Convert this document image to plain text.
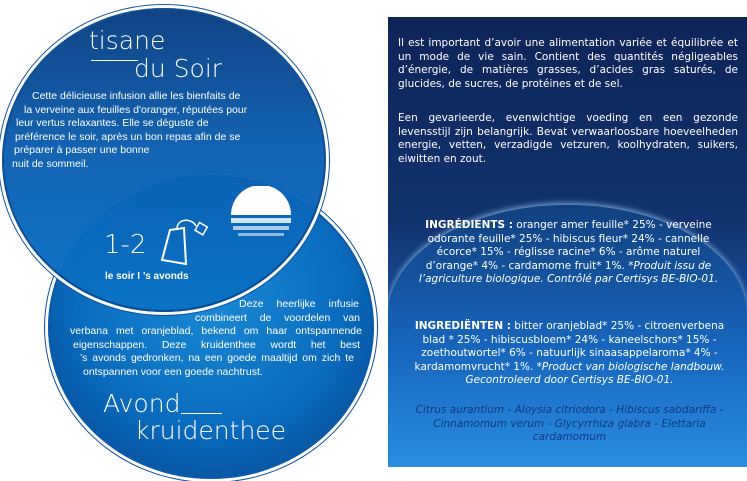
tisane
du Soir
Cette délicieuse infusion allie les bienfaits de
la verveine aux feuilles d'oranger, réputées pour
leur vertus relaxantes. Elle se déguste de
préférence le soir, après un bon repas afin de se
préparer à passer une bonne
nuit de sommeil.
1-2
le soir I ’s avonds
Deze heerlijke infusie
combineert de voordelen van
verbana met oranjeblad, bekend om haar ontspannende
eigenschappen. Deze kruidenthee wordt het best
’s avonds gedronken, na een goede maaltijd om zich te
ontspannen voor een goede nachtrust.
Avond
kruidenthee
Il est important d’avoir une alimentation variée et équilibrée et un mode de vie sain. Contient des quantités négligeables d’énergie, de matières grasses, d’acides gras saturés, de glucides, de sucres, de protéines et de sel.
Een gevarieerde, evenwichtige voeding en een gezonde levensstijl zijn belangrijk. Bevat verwaarloosbare hoeveelheden energie, vetten, verzadigde vetzuren, koolhydraten, suikers, eiwitten en zout.
INGRÉDIENTS : oranger amer feuille* 25% - verveine odorante feuille* 25% - hibiscus fleur* 24% - cannelle écorce* 15% - réglisse racine* 6% - arôme naturel d’orange* 4% - cardamome fruit* 1%. *Produit issu de l’agriculture biologique. Contrôlé par Certisys BE-BIO-01.
INGREDIËNTEN : bitter oranjeblad* 25% - citroenverbena blad * 25% - hibiscusbloem* 24% - kaneelschors* 15% - zoethoutwortel* 6% - natuurlijk sinaasappelaroma* 4% - kardamomvrucht* 1%. *Product van biologische landbouw. Gecontroleerd door Certisys BE-BIO-01.
Citrus aurantium - Aloysia citriodora - Hibiscus sabdariffa - Cinnamomum verum - Glycyrrhiza glabra - Elettaria cardamomum
